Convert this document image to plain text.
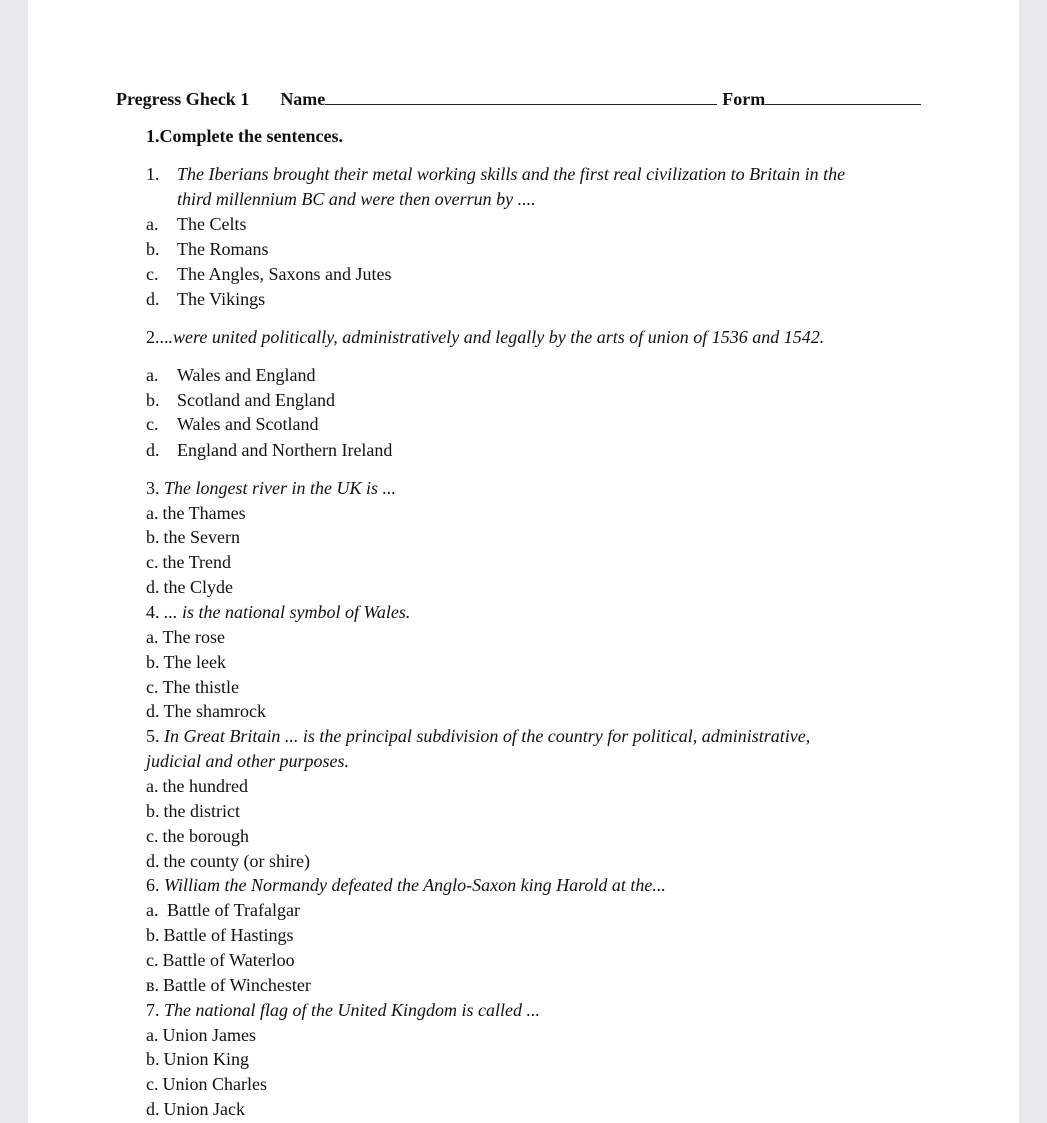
Pregress Gheck 1 Name	Form
1.Complete the sentences.
1. The Iberians brought their metal working skills and the first real civilization to Britain in the
third millennium BC and were then overrun by ....
a. The Celts
b. The Romans
c. The Angles, Saxons and Jutes
d. The Vikings
2....were united politically, administratively and legally by the arts of union of 1536 and 1542.
a. Wales and England
b. Scotland and England
c. Wales and Scotland
d. England and Northern Ireland
3. The longest river in the UK is ...
a. the Thames
b. the Severn
c. the Trend
d. the Clyde
4. ... is the national symbol of Wales.
a. The rose
b. The leek
c. The thistle
d. The shamrock
5. In Great Britain ... is the principal subdivision of the country for political, administrative,
judicial and other purposes.
a. the hundred
b. the district
c. the borough
d. the county (or shire)
6. William the Normandy defeated the Anglo-Saxon king Harold at the...
a. Battle of Trafalgar
b. Battle of Hastings
c. Battle of Waterloo
в. Battle of Winchester
7. The national flag of the United Kingdom is called ...
a. Union James
b. Union King
c. Union Charles
d. Union Jack
